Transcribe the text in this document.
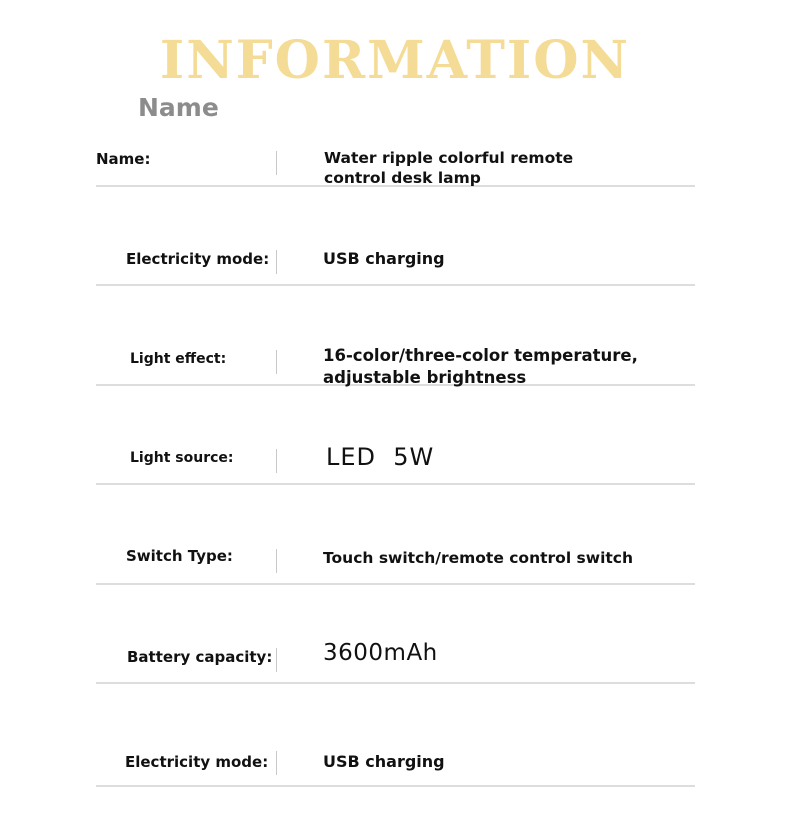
INFORMATION
Name
Name:	Water ripple colorful remote control desk lamp
Electricity mode:	USB charging
Light effect:	16-color/three-color temperature, adjustable brightness
Light source:	LED  5W
Switch Type:	Touch switch/remote control switch
Battery capacity:	3600mAh
Electricity mode:	USB charging
